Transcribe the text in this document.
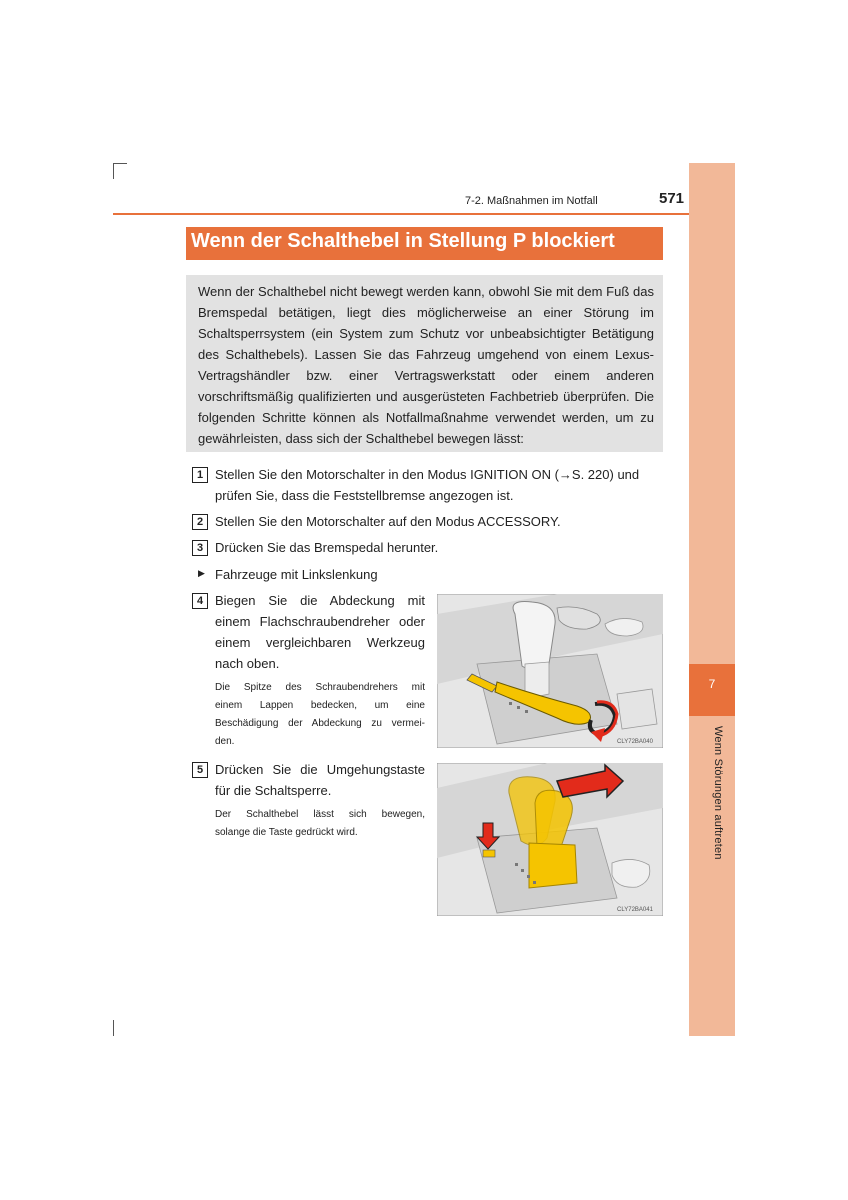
7
Wenn Störungen auftreten
7-2. Maßnahmen im Notfall	571
Wenn der Schalthebel in Stellung P blockiert
Wenn der Schalthebel nicht bewegt werden kann, obwohl Sie mit dem Fuß das Bremspedal betätigen, liegt dies möglicherweise an einer Störung im Schaltsperrsystem (ein System zum Schutz vor unbeabsichtigter Betätigung des Schalthebels). Lassen Sie das Fahrzeug umgehend von einem Lexus-Vertragshändler bzw. einer Vertragswerkstatt oder einem anderen vorschriftsmäßig qualifizierten und ausgerüsteten Fachbetrieb überprüfen. Die folgenden Schritte können als Notfallmaßnahme verwendet werden, um zu gewährleisten, dass sich der Schalthebel bewegen lässt:
1 Stellen Sie den Motorschalter in den Modus IGNITION ON (→S. 220) und
prüfen Sie, dass die Feststellbremse angezogen ist.
2 Stellen Sie den Motorschalter auf den Modus ACCESSORY.
3 Drücken Sie das Bremspedal herunter.
▶ Fahrzeuge mit Linkslenkung
4 Biegen Sie die Abdeckung mit
einem Flachschraubendreher oder
einem vergleichbaren Werkzeug
nach oben.
Die Spitze des Schraubendrehers mit
einem Lappen bedecken, um eine
Beschädigung der Abdeckung zu vermei-
den.
5 Drücken Sie die Umgehungstaste
für die Schaltsperre.
Der Schalthebel lässt sich bewegen,
solange die Taste gedrückt wird.
CLY72BA040
CLY72BA041
